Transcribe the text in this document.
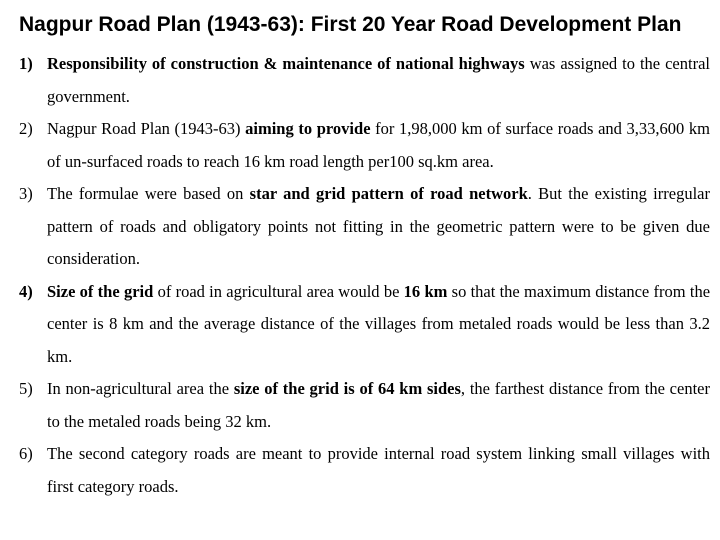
Nagpur Road Plan (1943-63): First 20 Year Road Development Plan

1) Responsibility of construction & maintenance of national highways was assigned to the central government.

2) Nagpur Road Plan (1943-63) aiming to provide for 1,98,000 km of surface roads and 3,33,600 km of un-surfaced roads to reach 16 km road length per100 sq.km area.

3) The formulae were based on star and grid pattern of road network. But the existing irregular pattern of roads and obligatory points not fitting in the geometric pattern were to be given due consideration.

4) Size of the grid of road in agricultural area would be 16 km so that the maximum distance from the center is 8 km and the average distance of the villages from metaled roads would be less than 3.2 km.

5) In non-agricultural area the size of the grid is of 64 km sides, the farthest distance from the center to the metaled roads being 32 km.

6) The second category roads are meant to provide internal road system linking small villages with first category roads.
